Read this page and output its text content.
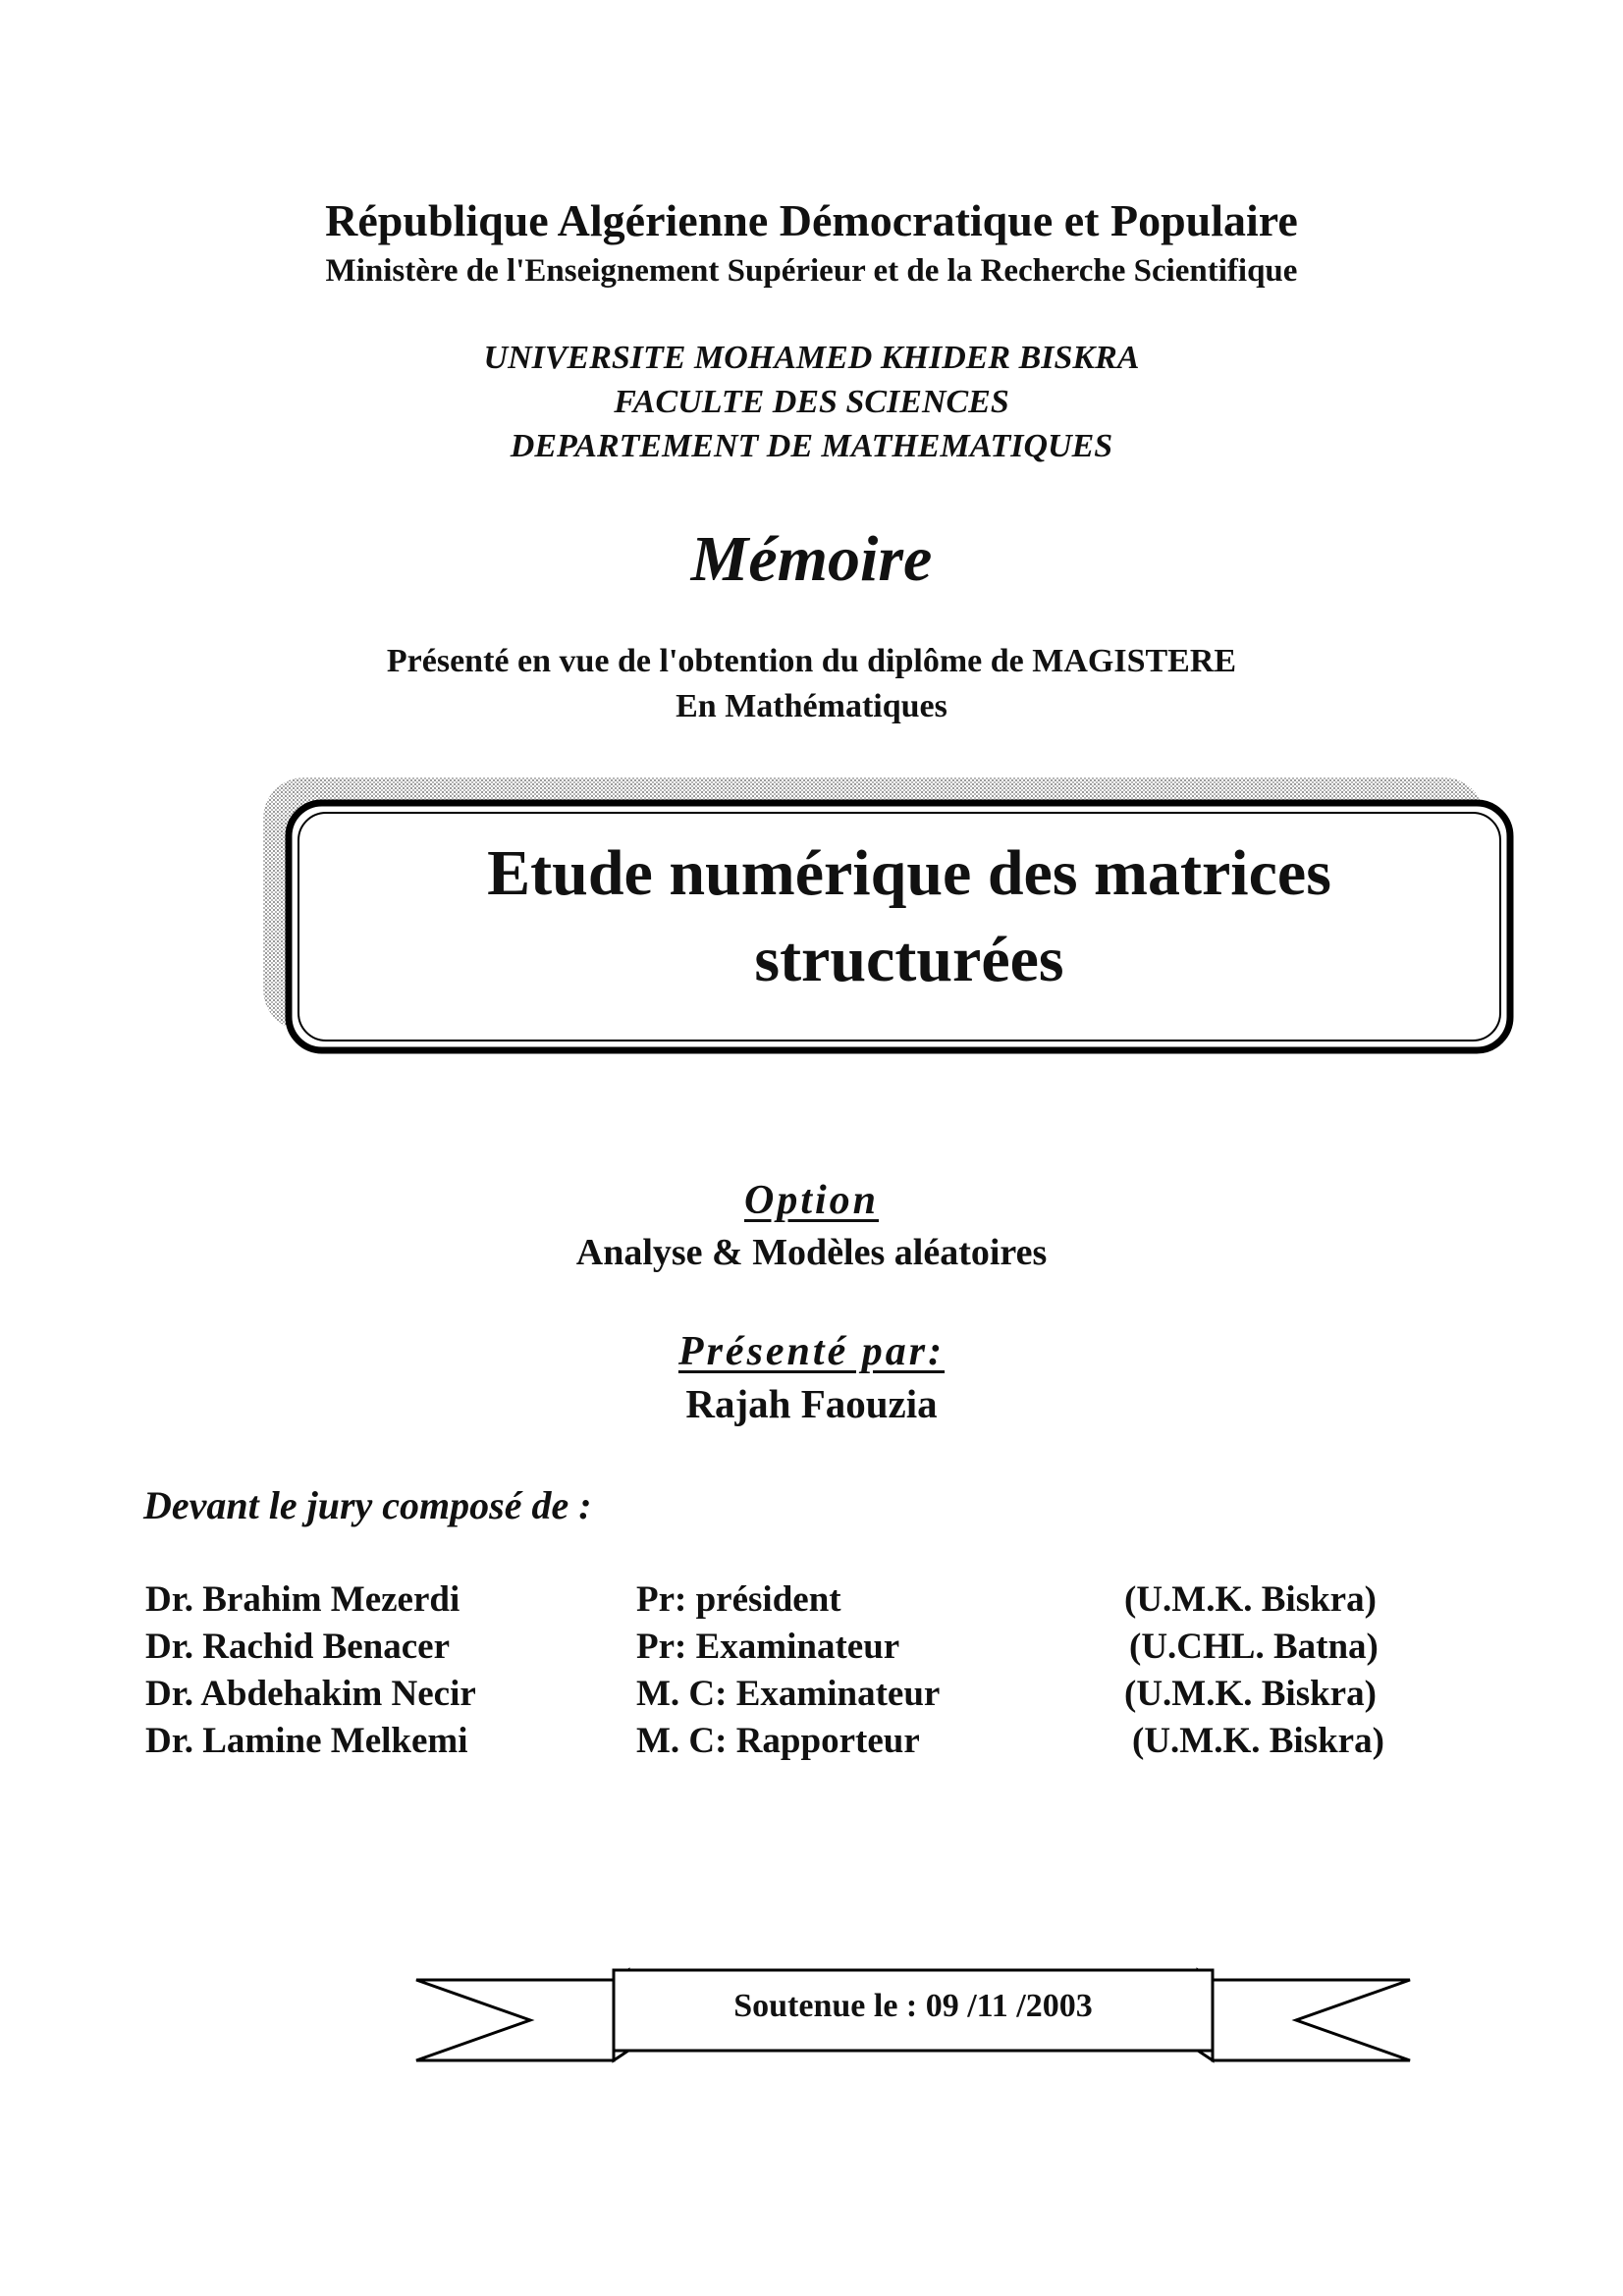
République Algérienne Démocratique et Populaire
Ministère de l'Enseignement Supérieur et de la Recherche Scientifique
UNIVERSITE MOHAMED KHIDER BISKRA
FACULTE DES SCIENCES
DEPARTEMENT DE MATHEMATIQUES
Mémoire
Présenté en vue de l'obtention du diplôme de MAGISTERE
En Mathématiques
Etude numérique des matrices
structurées
Option
Analyse & Modèles aléatoires
Présenté par:
Rajah Faouzia
Devant le jury composé de :
Dr. Brahim Mezerdi	Pr: président	(U.M.K. Biskra)
Dr. Rachid Benacer	Pr: Examinateur	(U.CHL. Batna)
Dr. Abdehakim Necir	M. C: Examinateur	(U.M.K. Biskra)
Dr. Lamine Melkemi	M. C: Rapporteur	(U.M.K. Biskra)
Soutenue le : 09 /11 /2003
